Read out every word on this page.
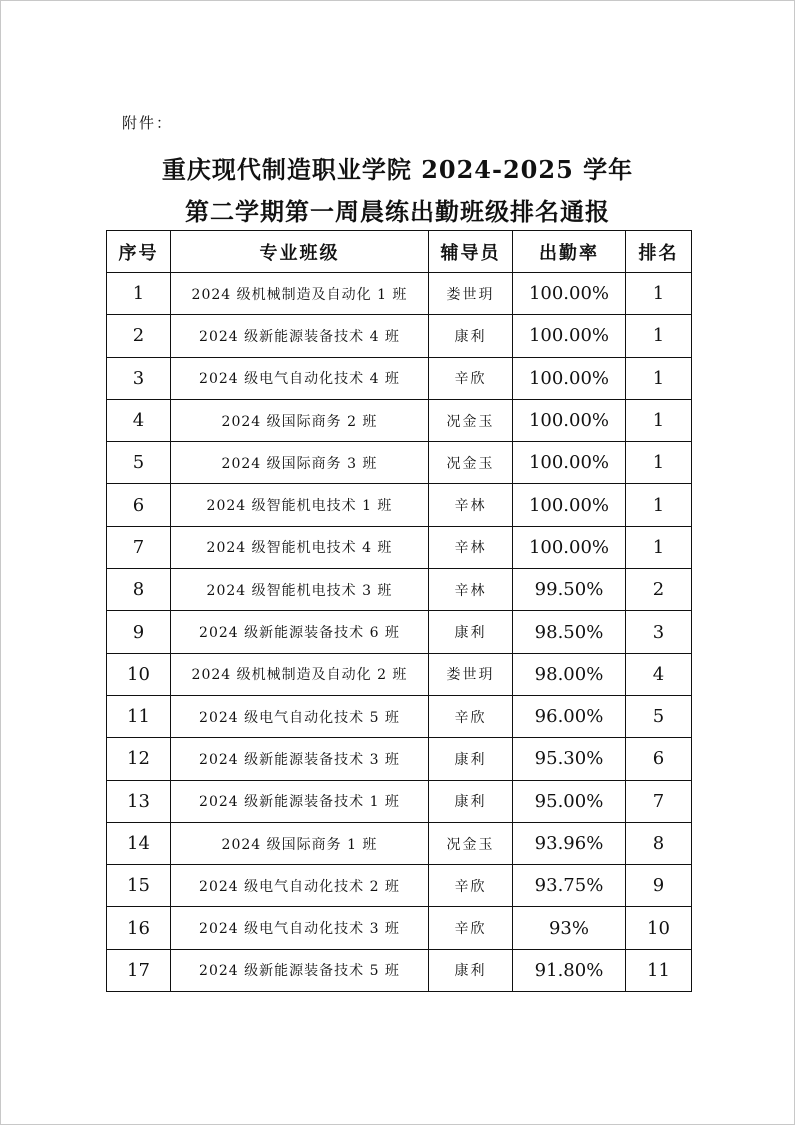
附件：
重庆现代制造职业学院 2024-2025 学年
第二学期第一周晨练出勤班级排名通报
序号	专业班级	辅导员	出勤率	排名
1	2024 级机械制造及自动化 1 班	娄世玥	100.00%	1
2	2024 级新能源装备技术 4 班	康利	100.00%	1
3	2024 级电气自动化技术 4 班	辛欣	100.00%	1
4	2024 级国际商务 2 班	况金玉	100.00%	1
5	2024 级国际商务 3 班	况金玉	100.00%	1
6	2024 级智能机电技术 1 班	辛林	100.00%	1
7	2024 级智能机电技术 4 班	辛林	100.00%	1
8	2024 级智能机电技术 3 班	辛林	99.50%	2
9	2024 级新能源装备技术 6 班	康利	98.50%	3
10	2024 级机械制造及自动化 2 班	娄世玥	98.00%	4
11	2024 级电气自动化技术 5 班	辛欣	96.00%	5
12	2024 级新能源装备技术 3 班	康利	95.30%	6
13	2024 级新能源装备技术 1 班	康利	95.00%	7
14	2024 级国际商务 1 班	况金玉	93.96%	8
15	2024 级电气自动化技术 2 班	辛欣	93.75%	9
16	2024 级电气自动化技术 3 班	辛欣	93%	10
17	2024 级新能源装备技术 5 班	康利	91.80%	11
